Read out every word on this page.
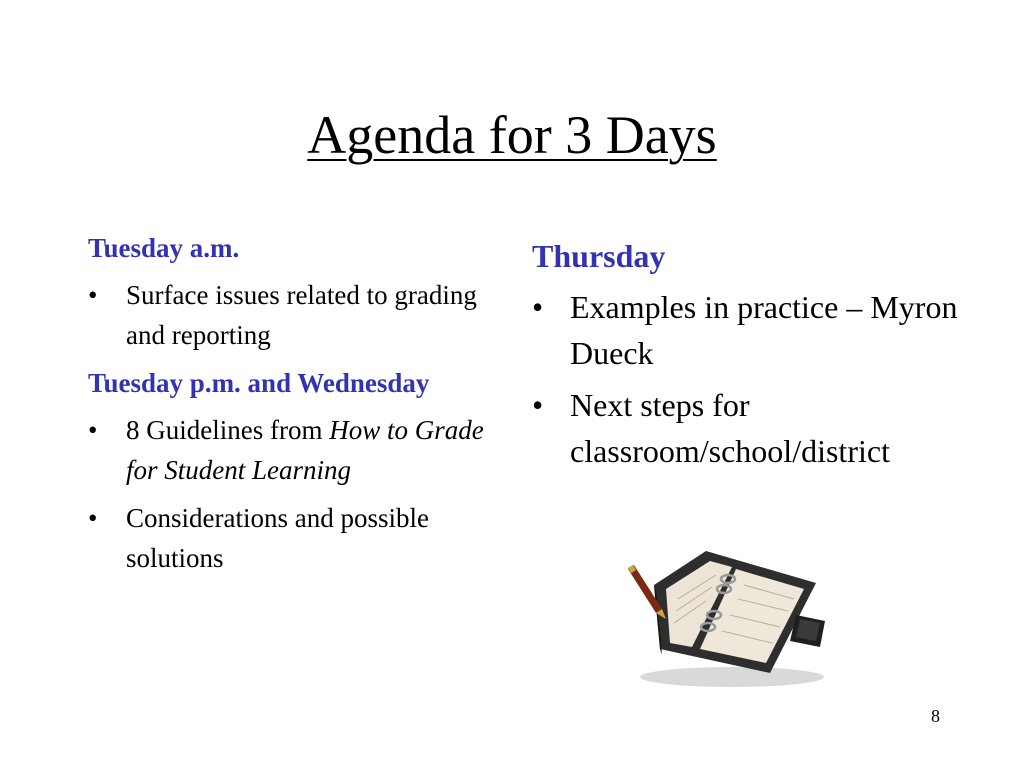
Agenda for 3 Days

Tuesday a.m.

• Surface issues related to grading and reporting

Tuesday p.m. and Wednesday

• 8 Guidelines from How to Grade for Student Learning
• Considerations and possible solutions

Thursday

• Examples in practice – Myron Dueck
• Next steps for classroom/school/district
8
